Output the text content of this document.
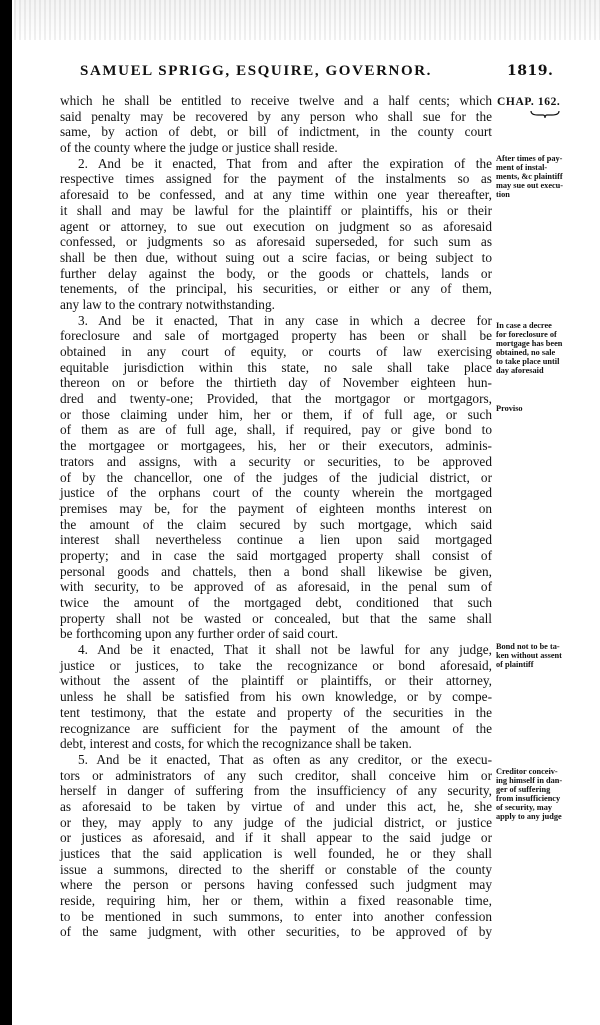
SAMUEL SPRIGG, ESQUIRE, GOVERNOR.	1819.
CHAP. 162.
which he shall be entitled to receive twelve and a half cents; which
said penalty may be recovered by any person who shall sue for the
same, by action of debt, or bill of indictment, in the county court
of the county where the judge or justice shall reside.
2. And be it enacted, That from and after the expiration of the
respective times assigned for the payment of the instalments so as
aforesaid to be confessed, and at any time within one year thereafter,
it shall and may be lawful for the plaintiff or plaintiffs, his or their
agent or attorney, to sue out execution on judgment so as aforesaid
confessed, or judgments so as aforesaid superseded, for such sum as
shall be then due, without suing out a scire facias, or being subject to
further delay against the body, or the goods or chattels, lands or
tenements, of the principal, his securities, or either or any of them,
any law to the contrary notwithstanding.
3. And be it enacted, That in any case in which a decree for
foreclosure and sale of mortgaged property has been or shall be
obtained in any court of equity, or courts of law exercising
equitable jurisdiction within this state, no sale shall take place
thereon on or before the thirtieth day of November eighteen hun-
dred and twenty-one; Provided, that the mortgagor or mortgagors,
or those claiming under him, her or them, if of full age, or such
of them as are of full age, shall, if required, pay or give bond to
the mortgagee or mortgagees, his, her or their executors, adminis-
trators and assigns, with a security or securities, to be approved
of by the chancellor, one of the judges of the judicial district, or
justice of the orphans court of the county wherein the mortgaged
premises may be, for the payment of eighteen months interest on
the amount of the claim secured by such mortgage, which said
interest shall nevertheless continue a lien upon said mortgaged
property; and in case the said mortgaged property shall consist of
personal goods and chattels, then a bond shall likewise be given,
with security, to be approved of as aforesaid, in the penal sum of
twice the amount of the mortgaged debt, conditioned that such
property shall not be wasted or concealed, but that the same shall
be forthcoming upon any further order of said court.
4. And be it enacted, That it shall not be lawful for any judge,
justice or justices, to take the recognizance or bond aforesaid,
without the assent of the plaintiff or plaintiffs, or their attorney,
unless he shall be satisfied from his own knowledge, or by compe-
tent testimony, that the estate and property of the securities in the
recognizance are sufficient for the payment of the amount of the
debt, interest and costs, for which the recognizance shall be taken.
5. And be it enacted, That as often as any creditor, or the execu-
tors or administrators of any such creditor, shall conceive him or
herself in danger of suffering from the insufficiency of any security,
as aforesaid to be taken by virtue of and under this act, he, she
or they, may apply to any judge of the judicial district, or justice
or justices as aforesaid, and if it shall appear to the said judge or
justices that the said application is well founded, he or they shall
issue a summons, directed to the sheriff or constable of the county
where the person or persons having confessed such judgment may
reside, requiring him, her or them, within a fixed reasonable time,
to be mentioned in such summons, to enter into another confession
of the same judgment, with other securities, to be approved of by
After times of pay-
ment of instal-
ments, &c plaintiff
may sue out execu-
tion
In case a decree
for foreclosure of
mortgage has been
obtained, no sale
to take place until
day aforesaid
Proviso
Bond not to be ta-
ken without assent
of plaintiff
Creditor conceiv-
ing himself in dan-
ger of suffering
from insufficiency
of security, may
apply to any judge
